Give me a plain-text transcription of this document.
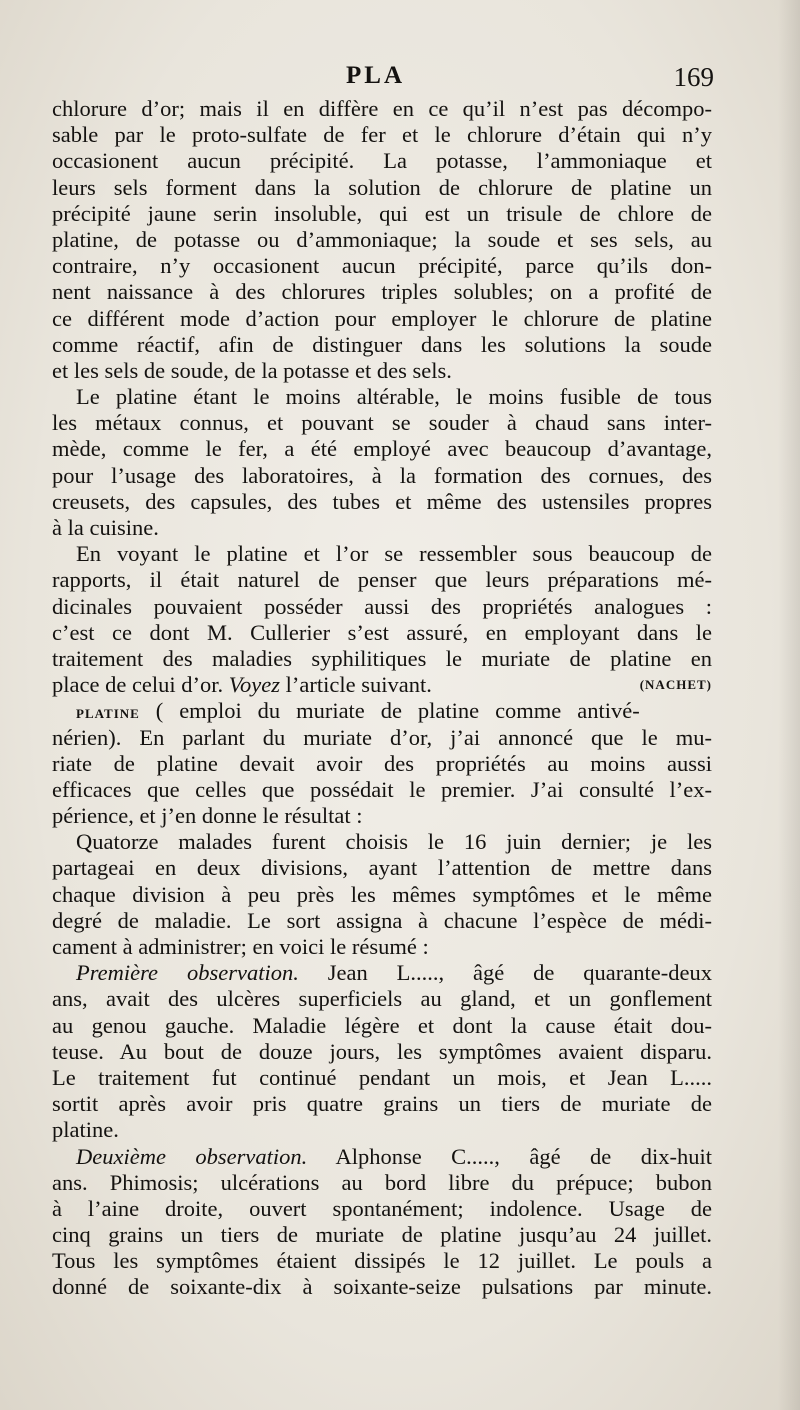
PLA	169
chlorure d’or; mais il en diffère en ce qu’il n’est pas décompo-
sable par le proto-sulfate de fer et le chlorure d’étain qui n’y
occasionent aucun précipité. La potasse, l’ammoniaque et
leurs sels forment dans la solution de chlorure de platine un
précipité jaune serin insoluble, qui est un trisule de chlore de
platine, de potasse ou d’ammoniaque; la soude et ses sels, au
contraire, n’y occasionent aucun précipité, parce qu’ils don-
nent naissance à des chlorures triples solubles; on a profité de
ce différent mode d’action pour employer le chlorure de platine
comme réactif, afin de distinguer dans les solutions la soude
et les sels de soude, de la potasse et des sels.
Le platine étant le moins altérable, le moins fusible de tous
les métaux connus, et pouvant se souder à chaud sans inter-
mède, comme le fer, a été employé avec beaucoup d’avantage,
pour l’usage des laboratoires, à la formation des cornues, des
creusets, des capsules, des tubes et même des ustensiles propres
à la cuisine.
En voyant le platine et l’or se ressembler sous beaucoup de
rapports, il était naturel de penser que leurs préparations mé-
dicinales pouvaient posséder aussi des propriétés analogues :
c’est ce dont M. Cullerier s’est assuré, en employant dans le
traitement des maladies syphilitiques le muriate de platine en
place de celui d’or. Voyez l’article suivant.	(NACHET)
PLATINE ( emploi du muriate de platine comme antivé-
nérien). En parlant du muriate d’or, j’ai annoncé que le mu-
riate de platine devait avoir des propriétés au moins aussi
efficaces que celles que possédait le premier. J’ai consulté l’ex-
périence, et j’en donne le résultat :
Quatorze malades furent choisis le 16 juin dernier; je les
partageai en deux divisions, ayant l’attention de mettre dans
chaque division à peu près les mêmes symptômes et le même
degré de maladie. Le sort assigna à chacune l’espèce de médi-
cament à administrer; en voici le résumé :
Première observation. Jean L....., âgé de quarante-deux
ans, avait des ulcères superficiels au gland, et un gonflement
au genou gauche. Maladie légère et dont la cause était dou-
teuse. Au bout de douze jours, les symptômes avaient disparu.
Le traitement fut continué pendant un mois, et Jean L.....
sortit après avoir pris quatre grains un tiers de muriate de
platine.
Deuxième observation. Alphonse C....., âgé de dix-huit
ans. Phimosis; ulcérations au bord libre du prépuce; bubon
à l’aine droite, ouvert spontanément; indolence. Usage de
cinq grains un tiers de muriate de platine jusqu’au 24 juillet.
Tous les symptômes étaient dissipés le 12 juillet. Le pouls a
donné de soixante-dix à soixante-seize pulsations par minute.
